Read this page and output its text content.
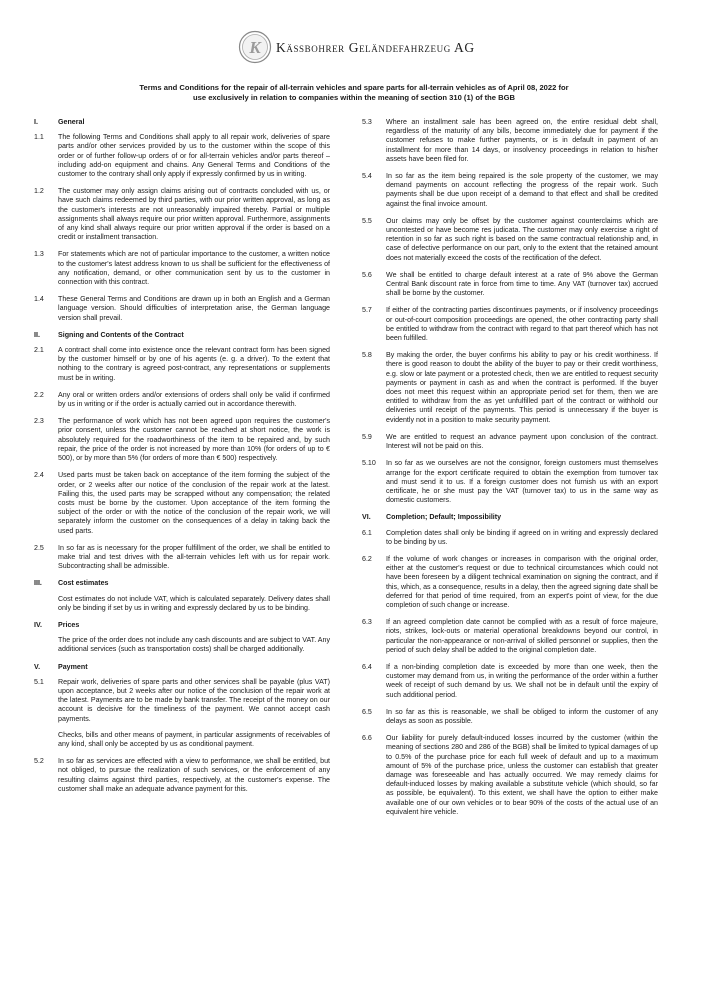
K Kässbohrer Geländefahrzeug AG
Terms and Conditions for the repair of all-terrain vehicles and spare parts for all-terrain vehicles as of April 08, 2022 for
use exclusively in relation to companies within the meaning of section 310 (1) of the BGB
I.	General
1.1	The following Terms and Conditions shall apply to all repair work, deliveries of spare parts and/or other services provided by us to the customer within the scope of this order or of further follow-up orders of or for all-terrain vehicles and/or parts thereof – including add-on equipment and chains. Any General Terms and Conditions of the customer to the contrary shall only apply if expressly confirmed by us in writing.

1.2	The customer may only assign claims arising out of contracts concluded with us, or have such claims redeemed by third parties, with our prior written approval, as long as the customer's interests are not unreasonably impaired thereby. Partial or multiple assignments shall always require our prior written approval. Furthermore, assignments of any kind shall always require our prior written approval if the order is based on a credit or installment transaction.

1.3	For statements which are not of particular importance to the customer, a written notice to the customer's latest address known to us shall be sufficient for the effectiveness of any notification, demand, or other communication sent by us to the customer in connection with this contract.

1.4	These General Terms and Conditions are drawn up in both an English and a German language version. Should difficulties of interpretation arise, the German language version shall prevail.

II.	Signing and Contents of the Contract
2.1	A contract shall come into existence once the relevant contract form has been signed by the customer himself or by one of his agents (e. g. a driver). To the extent that nothing to the contrary is agreed post-contract, any representations or supplements must be in writing.

2.2	Any oral or written orders and/or extensions of orders shall only be valid if confirmed by us in writing or if the order is actually carried out in accordance therewith.

2.3	The performance of work which has not been agreed upon requires the customer's prior consent, unless the customer cannot be reached at short notice, the work is absolutely required for the roadworthiness of the item to be repaired and, by such repair, the price of the order is not increased by more than 10% (for orders of up to € 500), or by more than 5% (for orders of more than € 500) respectively.

2.4	Used parts must be taken back on acceptance of the item forming the subject of the order, or 2 weeks after our notice of the conclusion of the repair work at the latest. Failing this, the used parts may be scrapped without any compensation; the related costs must be borne by the customer. Upon acceptance of the item forming the subject of the order or with the notice of the conclusion of the repair work, we will separately inform the customer on the consequences of a delay in taking back the used parts.

2.5	In so far as is necessary for the proper fulfillment of the order, we shall be entitled to make trial and test drives with the all-terrain vehicles left with us for repair work. Subcontracting shall be admissible.

III.	Cost estimates

Cost estimates do not include VAT, which is calculated separately. Delivery dates shall only be binding if set by us in writing and expressly declared by us to be binding.

IV.	Prices

The price of the order does not include any cash discounts and are subject to VAT. Any additional services (such as transportation costs) shall be charged additionally.

V.	Payment
5.1	Repair work, deliveries of spare parts and other services shall be payable (plus VAT) upon acceptance, but 2 weeks after our notice of the conclusion of the repair work at the latest. Payments are to be made by bank transfer. The receipt of the money on our account is decisive for the timeliness of the payment. We cannot accept cash payments.

Checks, bills and other means of payment, in particular assignments of receivables of any kind, shall only be accepted by us as conditional payment.

5.2	In so far as services are effected with a view to performance, we shall be entitled, but not obliged, to pursue the realization of such services, or the enforcement of any resulting claims against third parties, respectively, at the customer's expense. The customer shall make an adequate advance payment for this.

5.3	Where an installment sale has been agreed on, the entire residual debt shall, regardless of the maturity of any bills, become immediately due for payment if the customer refuses to make further payments, or is in default in payment of an installment for more than 14 days, or insolvency proceedings in relation to his/her assets have been filed for.

5.4	In so far as the item being repaired is the sole property of the customer, we may demand payments on account reflecting the progress of the repair work. Such payments shall be due upon receipt of a demand to that effect and shall be credited against the final invoice amount.

5.5	Our claims may only be offset by the customer against counterclaims which are uncontested or have become res judicata. The customer may only exercise a right of retention in so far as such right is based on the same contractual relationship and, in case of defective performance on our part, only to the extent that the retained amount does not materially exceed the costs of the rectification of the defect.

5.6	We shall be entitled to charge default interest at a rate of 9% above the German Central Bank discount rate in force from time to time. Any VAT (turnover tax) accrued shall be borne by the customer.

5.7	If either of the contracting parties discontinues payments, or if insolvency proceedings or out-of-court composition proceedings are opened, the other contracting party shall be entitled to withdraw from the contract with regard to that part thereof which has not been fulfilled.

5.8	By making the order, the buyer confirms his ability to pay or his credit worthiness. If there is good reason to doubt the ability of the buyer to pay or their credit worthiness, e.g. slow or late payment or a protested check, then we are entitled to request security payments or payment in cash as and when the contract is performed. If the buyer does not meet this request within an appropriate period set for them, then we are entitled to withdraw from the as yet unfulfilled part of the contract or withhold our deliveries until receipt of the payments. This period is unnecessary if the buyer is evidently not in a position to make security payment.

5.9	We are entitled to request an advance payment upon conclusion of the contract. Interest will not be paid on this.

5.10	In so far as we ourselves are not the consignor, foreign customers must themselves arrange for the export certificate required to obtain the exemption from turnover tax and must send it to us. If a foreign customer does not furnish us with an export certificate, he or she must pay the VAT (turnover tax) to us in the same way as domestic customers.

VI.	Completion; Default; Impossibility
6.1	Completion dates shall only be binding if agreed on in writing and expressly declared to be binding by us.

6.2	If the volume of work changes or increases in comparison with the original order, either at the customer's request or due to technical circumstances which could not have been foreseen by a diligent technical examination on signing the contract, and if this, which, as a consequence, results in a delay, then the agreed signing date shall be deferred for that period of time required, from an expert's point of view, for the due completion of such change or increase.

6.3	If an agreed completion date cannot be complied with as a result of force majeure, riots, strikes, lock-outs or material operational breakdowns beyond our control, in particular the non-appearance or non-arrival of skilled personnel or supplies, then the period of such delay shall be added to the original completion date.

6.4	If a non-binding completion date is exceeded by more than one week, then the customer may demand from us, in writing the performance of the order within a further week of receipt of such demand by us. We shall not be in default until the expiry of such additional period.

6.5	In so far as this is reasonable, we shall be obliged to inform the customer of any delays as soon as possible.

6.6	Our liability for purely default-induced losses incurred by the customer (within the meaning of sections 280 and 286 of the BGB) shall be limited to typical damages of up to 0.5% of the purchase price for each full week of default and up to a maximum amount of 5% of the purchase price, unless the customer can establish that greater damage was foreseeable and has actually occurred. We may remedy claims for default-induced losses by making available a substitute vehicle (which should, so far as possible, be equivalent). To this extent, we shall have the option to either make available one of our own vehicles or to bear 90% of the costs of the actual use of an equivalent hire vehicle.
